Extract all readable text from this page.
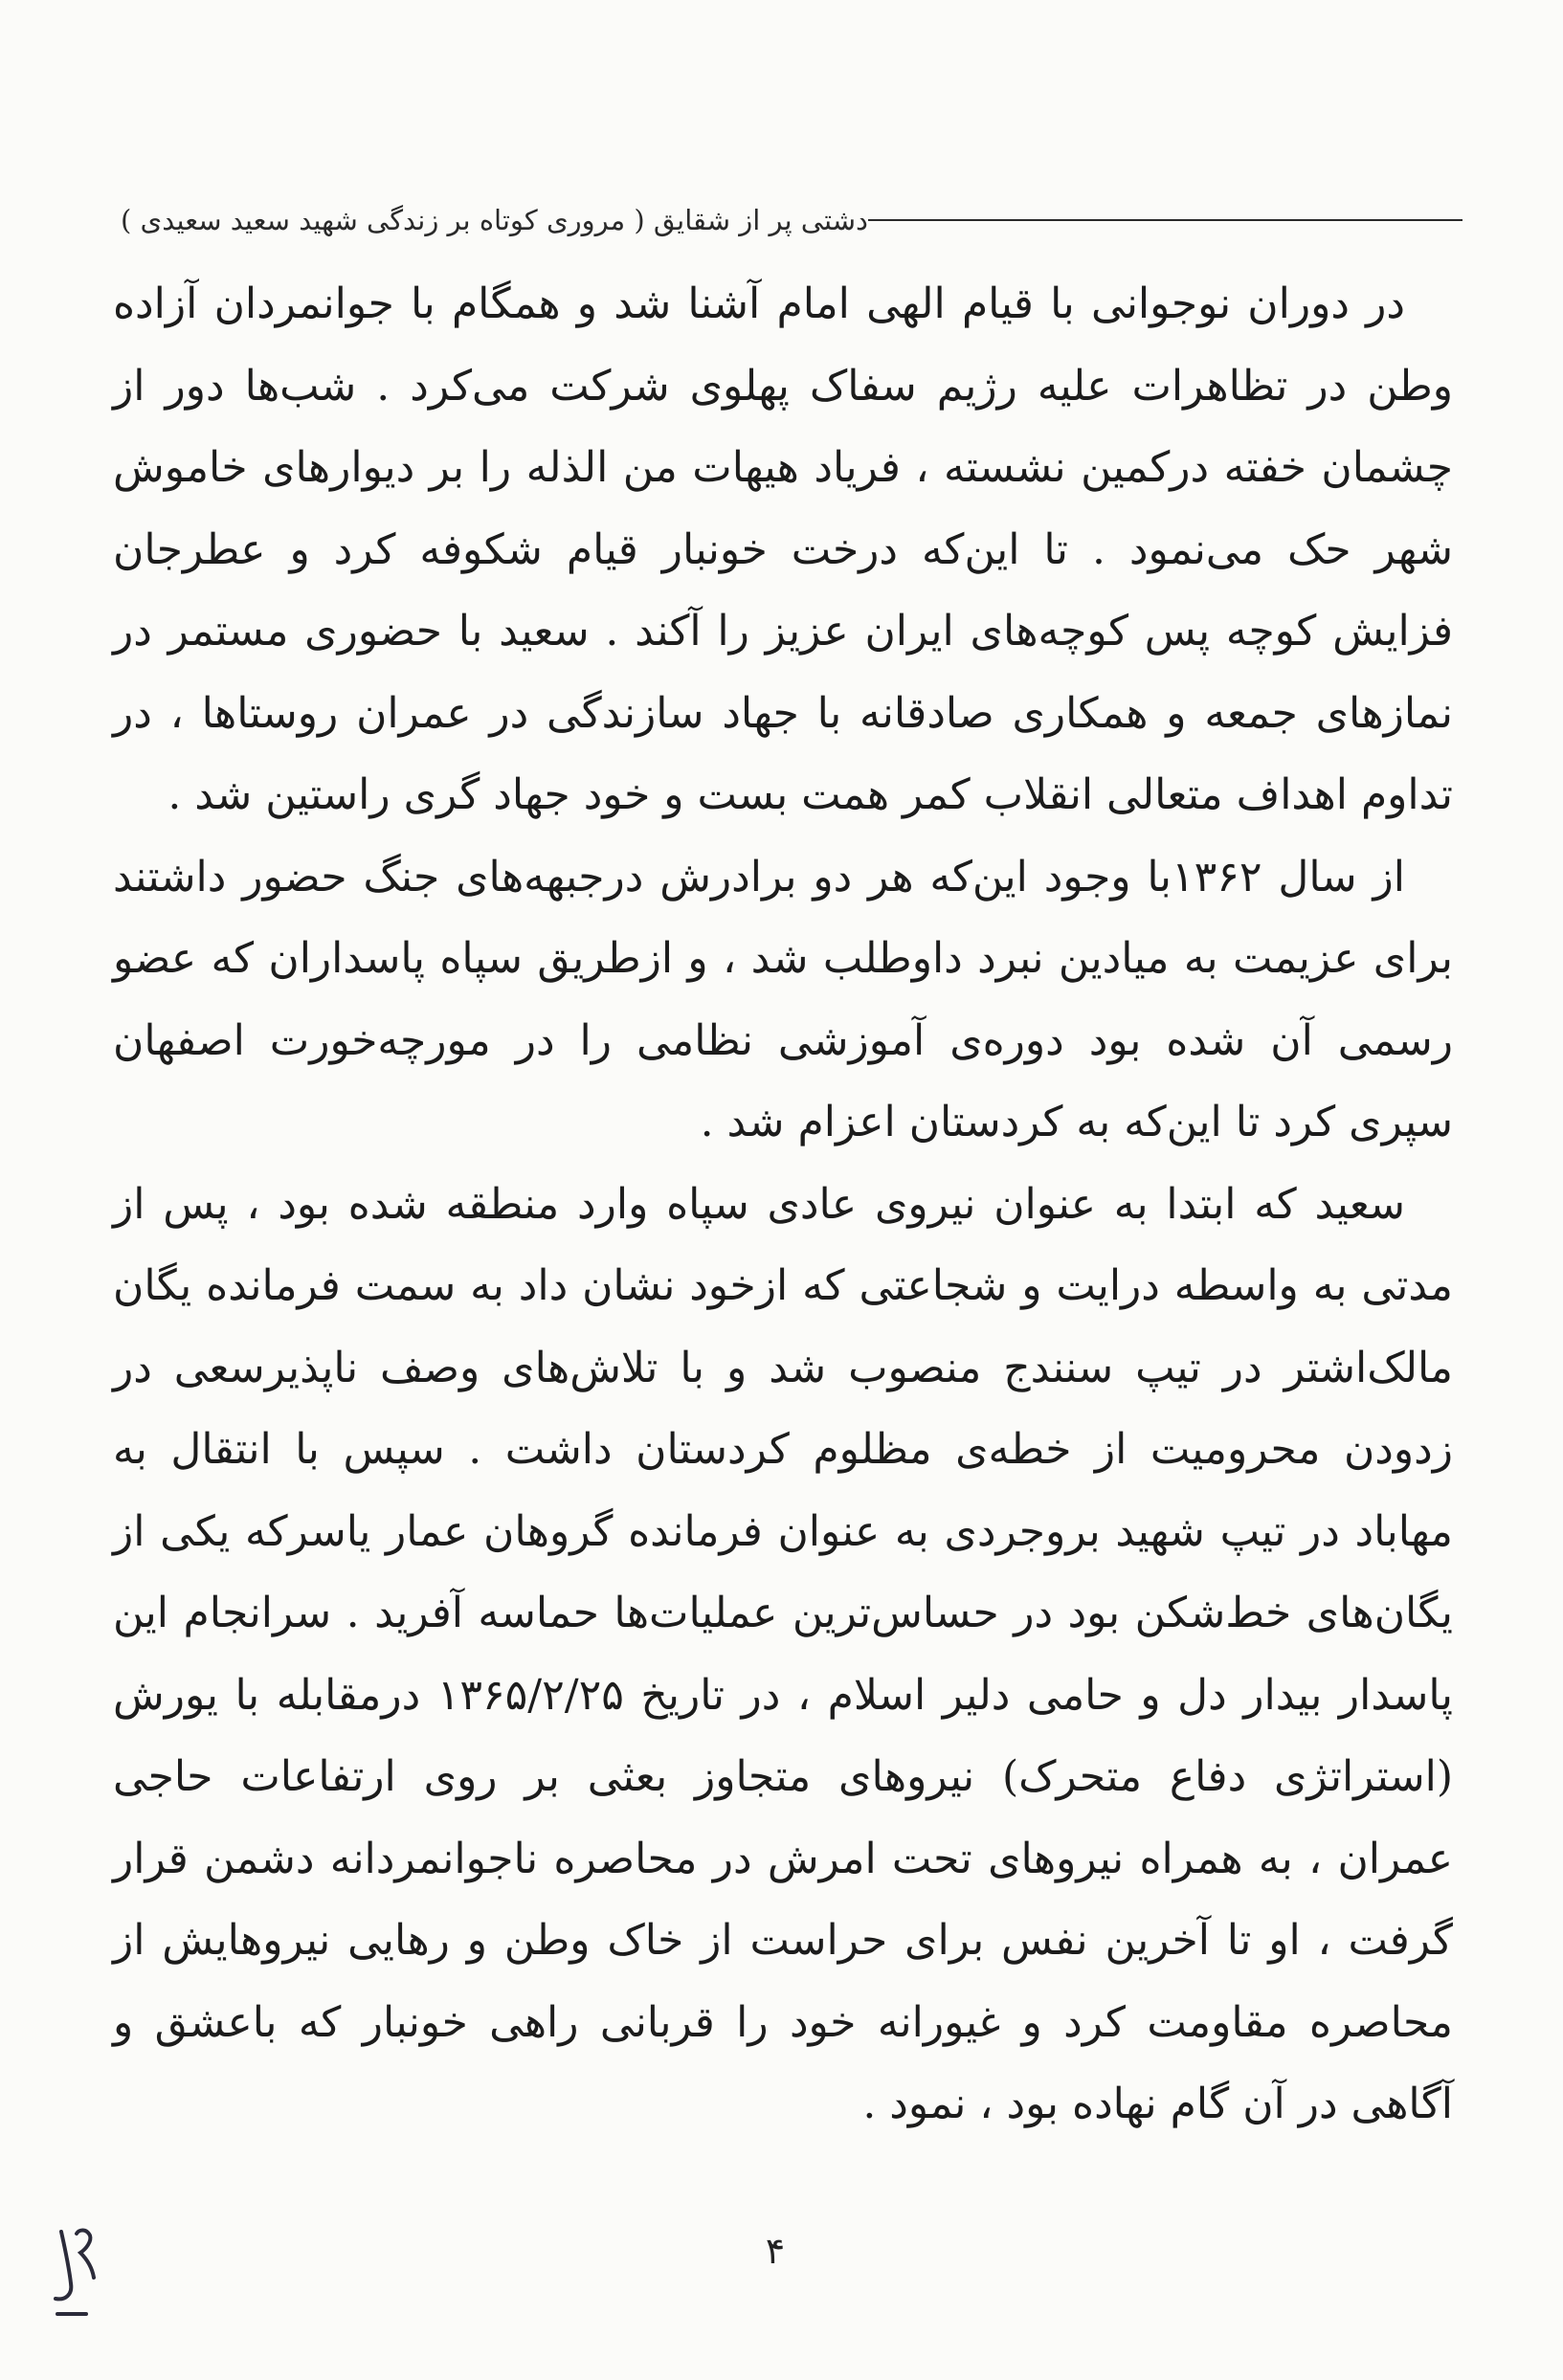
دشتی پر از شقایق ( مروری کوتاه بر زندگی شهید سعید سعیدی )

در دوران نوجوانی با قیام الهی امام آشنا شد و همگام با جوانمردان آزاده وطن در تظاهرات علیه رژیم سفاک پهلوی شرکت می‌کرد . شب‌ها دور از چشمان خفته درکمین نشسته ، فریاد هیهات من الذله را بر دیوارهای خاموش شهر حک می‌نمود . تا این‌که درخت خونبار قیام شکوفه کرد و عطرجان فزایش کوچه پس کوچه‌های ایران عزیز را آکند . سعید با حضوری مستمر در نمازهای جمعه و همکاری صادقانه با جهاد سازندگی در عمران روستاها ، در تداوم اهداف متعالی انقلاب کمر همت بست و خود جهاد گری راستین شد .

از سال ۱۳۶۲با وجود این‌که هر دو برادرش درجبهه‌های جنگ حضور داشتند برای عزیمت به میادین نبرد داوطلب شد ، و ازطریق سپاه پاسداران که عضو رسمی آن شده بود دوره‌ی آموزشی نظامی را در مورچه‌خورت اصفهان سپری کرد تا این‌که به کردستان اعزام شد .

سعید که ابتدا به عنوان نیروی عادی سپاه وارد منطقه شده بود ، پس از مدتی به واسطه درایت و شجاعتی که ازخود نشان داد به سمت فرمانده یگان مالک‌اشتر در تیپ سنندج منصوب شد و با تلاش‌های وصف ناپذیرسعی در زدودن محرومیت از خطه‌ی مظلوم کردستان داشت . سپس با انتقال به مهاباد در تیپ شهید بروجردی به عنوان فرمانده گروهان عمار یاسرکه یکی از یگان‌های خط‌شکن بود در حساس‌ترین عملیات‌ها حماسه آفرید . سرانجام این پاسدار بیدار دل و حامی دلیر اسلام ، در تاریخ ۱۳۶۵/۲/۲۵ درمقابله با یورش (استراتژی دفاع متحرک) نیروهای متجاوز بعثی بر روی ارتفاعات حاجی عمران ، به همراه نیروهای تحت امرش در محاصره ناجوانمردانه دشمن قرار گرفت ، او تا آخرین نفس برای حراست از خاک وطن و رهایی نیروهایش از محاصره مقاومت کرد و غیورانه خود را قربانی راهی خونبار که باعشق و آگاهی در آن گام نهاده بود ، نمود .

۴
